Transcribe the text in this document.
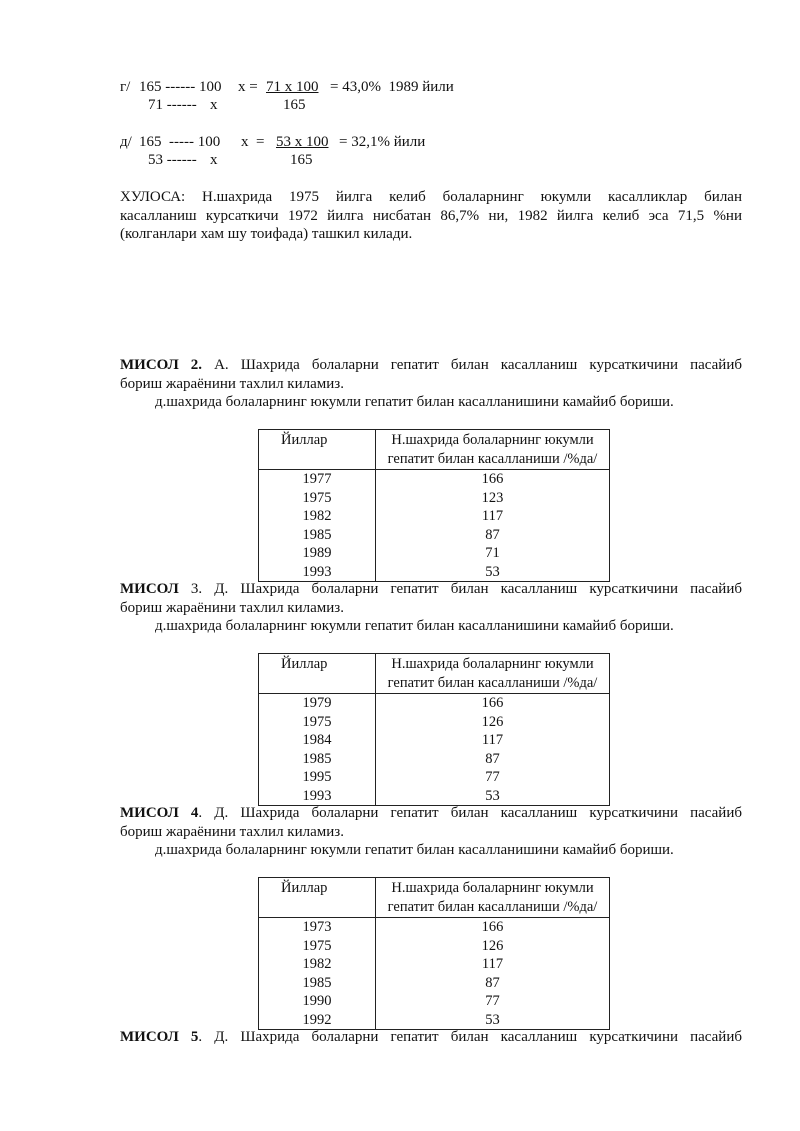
г/ 165 ------ 100 x = 71 x 100 = 43,0%  1989 йили
71 ------ x	165
д/ 165  ----- 100 x  = 53 x 100 = 32,1% йили
53 ------ x	165
ХУЛОСА: Н.шахрида 1975 йилга келиб болаларнинг юкумли касалликлар билан
касалланиш курсаткичи 1972 йилга нисбатан 86,7% ни, 1982 йилга келиб эса 71,5 %ни
(колганлари хам шу тоифада) ташкил килади.
МИСОЛ 2. А. Шахрида болаларни гепатит билан касалланиш курсаткичини пасайиб
бориш жараёнини тахлил киламиз.
д.шахрида болаларнинг юкумли гепатит билан касалланишини камайиб бориши.
Йиллар	Н.шахрида болаларнинг юкумли
гепатит билан касалланиши /%да/
1977	166
1975	123
1982	117
1985	87
1989	71
1993	53
МИСОЛ 3. Д. Шахрида болаларни гепатит билан касалланиш курсаткичини пасайиб
бориш жараёнини тахлил киламиз.
д.шахрида болаларнинг юкумли гепатит билан касалланишини камайиб бориши.
Йиллар	Н.шахрида болаларнинг юкумли
гепатит билан касалланиши /%да/
1979	166
1975	126
1984	117
1985	87
1995	77
1993	53
МИСОЛ 4. Д. Шахрида болаларни гепатит билан касалланиш курсаткичини пасайиб
бориш жараёнини тахлил киламиз.
д.шахрида болаларнинг юкумли гепатит билан касалланишини камайиб бориши.
Йиллар	Н.шахрида болаларнинг юкумли
гепатит билан касалланиши /%да/
1973	166
1975	126
1982	117
1985	87
1990	77
1992	53
МИСОЛ 5. Д. Шахрида болаларни гепатит билан касалланиш курсаткичини пасайиб
